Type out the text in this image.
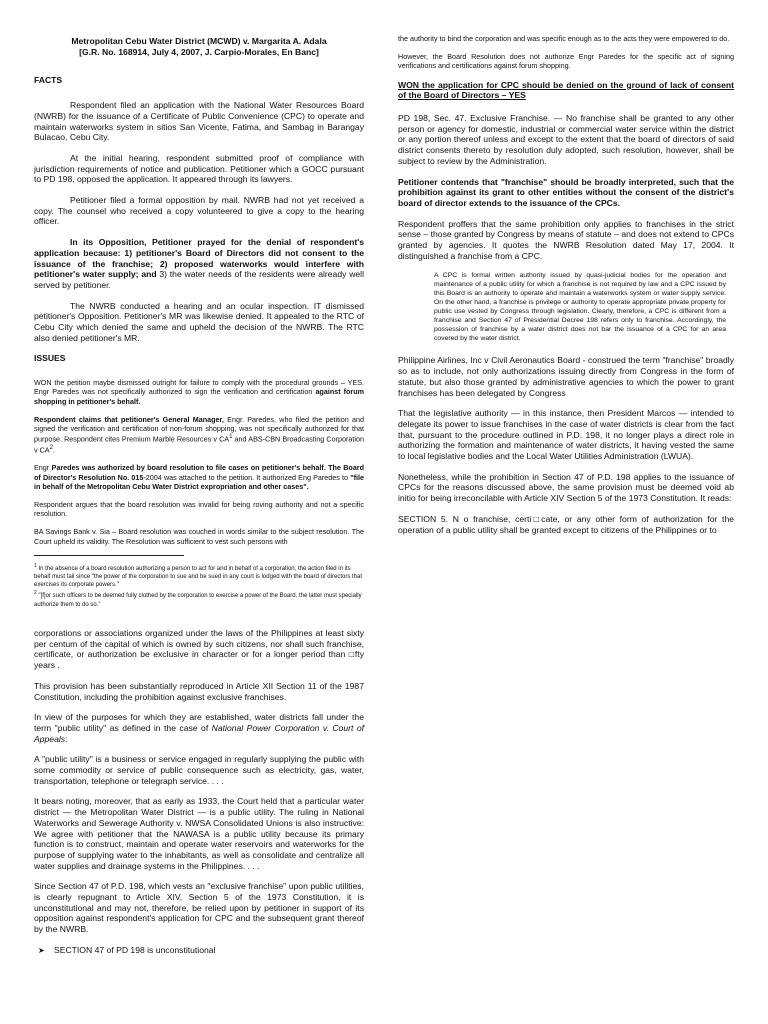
Metropolitan Cebu Water District (MCWD) v. Margarita A. Adala
[G.R. No. 168914, July 4, 2007, J. Carpio-Morales, En Banc]
FACTS

Respondent filed an application with the National Water Resources Board (NWRB) for the issuance of a Certificate of Public Convenience (CPC) to operate and maintain waterworks system in sitios San Vicente, Fatima, and Sambag in Barangay Bulacao, Cebu City.

At the initial hearing, respondent submitted proof of compliance with jurisdiction requirements of notice and publication. Petitioner which a GOCC pursuant to PD 198, opposed the application. It appeared through its lawyers.

Petitioner filed a formal opposition by mail. NWRB had not yet received a copy. The counsel who received a copy volunteered to give a copy to the hearing officer.

In its Opposition, Petitioner prayed for the denial of respondent's application because: 1) petitioner's Board of Directors did not consent to the issuance of the franchise; 2) proposed waterworks would interfere with petitioner's water supply; and 3) the water needs of the residents were already well served by petitioner.

The NWRB conducted a hearing and an ocular inspection. IT dismissed petitioner's Opposition. Petitioner's MR was likewise denied. It appealed to the RTC of Cebu City which denied the same and upheld the decision of the NWRB. The RTC also denied petitioner's MR.

ISSUES

WON the petition maybe dismissed outright for failure to comply with the procedural grounds – YES. Engr Paredes was not specifically authorized to sign the verification and certification against forum shopping in petitioner's behalf.

Respondent claims that petitioner's General Manager, Engr. Paredes, who filed the petition and signed the verification and certification of non-forum shopping, was not specifically authorized for that purpose. Respondent cites Premium Marble Resources v $CA^1$ and ABS-CBN Broadcasting Corporation v $CA^2$.

Engr Paredes was authorized by board resolution to file cases on petitioner's behalf. The Board of Director's Resolution No. 015-2004 was attached to the petition. It authorized Eng Paredes to "file in behalf of the Metropolitan Cebu Water District expropriation and other cases".

Respondent argues that the board resolution was invalid for being roving authority and not a specific resolution.

BA Savings Bank v. Sia – Board resolution was couched in words similar to the subject resolution. The Court upheld its validity. The Resolution was sufficient to vest such persons with

$^1$ In the absence of a board resolution authorizing a person to act for and in behalf of a corporation, the action filed in its behalf must fail since "the power of the corporation to sue and be sued in any court is lodged with the board of directors that exercises its corporate powers."

$^2$ "[f]or such officers to be deemed fully clothed by the corporation to exercise a power of the Board, the latter must specially authorize them to do so."

the authority to bind the corporation and was specific enough as to the acts they were empowered to do.

However, the Board Resolution does not authorize Engr Paredes for the specific act of signing verifications and certifications against forum shopping.

WON the application for CPC should be denied on the ground of lack of consent of the Board of Directors – YES

PD 198, Sec. 47. Exclusive Franchise. — No franchise shall be granted to any other person or agency for domestic, industrial or commercial water service within the district or any portion thereof unless and except to the extent that the board of directors of said district consents thereto by resolution duly adopted, such resolution, however, shall be subject to review by the Administration.

Petitioner contends that "franchise" should be broadly interpreted, such that the prohibition against its grant to other entities without the consent of the district's board of director extends to the issuance of the CPCs.

Respondent proffers that the same prohibition only applies to franchises in the strict sense – those granted by Congress by means of statute – and does not extend to CPCs granted by agencies. It quotes the NWRB Resolution dated May 17, 2004. It distinguished a franchise from a CPC.

A CPC is formal written authority issued by quasi-judicial bodies for the operation and maintenance of a public utility for which a franchise is not required by law and a CPC issued by this Board is an authority to operate and maintain a waterworks system or water supply service. On the other hand, a franchise is privilege or authority to operate appropriate private property for public use vested by Congress through legislation. Clearly, therefore, a CPC is different from a franchise and Section 47 of Presidential Decree 198 refers only to franchise. Accordingly, the possession of franchise by a water district does not bar the issuance of a CPC for an area covered by the water district.

Philippine Airlines, Inc v Civil Aeronautics Board - construed the term "franchise" broadly so as to include, not only authorizations issuing directly from Congress in the form of statute, but also those granted by administrative agencies to which the power to grant franchises has been delegated by Congress

That the legislative authority — in this instance, then President Marcos — intended to delegate its power to issue franchises in the case of water districts is clear from the fact that, pursuant to the procedure outlined in P.D. 198, it no longer plays a direct role in authorizing the formation and maintenance of water districts, it having vested the same to local legislative bodies and the Local Water Utilities Administration (LWUA).

Nonetheless, while the prohibition in Section 47 of P.D. 198 applies to the issuance of CPCs for the reasons discussed above, the same provision must be deemed void ab initio for being irreconcilable with Article XIV Section 5 of the 1973 Constitution. It reads:

SECTION 5. N o franchise, certi□cate, or any other form of authorization for the operation of a public utility shall be granted except to citizens of the Philippines or to

corporations or associations organized under the laws of the Philippines at least sixty per centum of the capital of which is owned by such citizens, nor shall such franchise, certificate, or authorization be exclusive in character or for a longer period than □fty years .

This provision has been substantially reproduced in Article XII Section 11 of the 1987 Constitution, including the prohibition against exclusive franchises.

In view of the purposes for which they are established, water districts fall under the term "public utility" as defined in the case of National Power Corporation v. Court of Appeals:

A "public utility" is a business or service engaged in regularly supplying the public with some commodity or service of public consequence such as electricity, gas, water, transportation, telephone or telegraph service. . . .

It bears noting, moreover, that as early as 1933, the Court held that a particular water district — the Metropolitan Water District — is a public utility. The ruling in National Waterworks and Sewerage Authority v. NWSA Consolidated Unions is also instructive: We agree with petitioner that the NAWASA is a public utility because its primary function is to construct, maintain and operate water reservoirs and waterworks for the purpose of supplying water to the inhabitants, as well as consolidate and centralize all water supplies and drainage systems in the Philippines. . . .

Since Section 47 of P.D. 198, which vests an "exclusive franchise" upon public utilities, is clearly repugnant to Article XIV, Section 5 of the 1973 Constitution, it is unconstitutional and may not, therefore, be relied upon by petitioner in support of its opposition against respondent's application for CPC and the subsequent grant thereof by the NWRB.

➤ SECTION 47 of PD 198 is unconstitutional
